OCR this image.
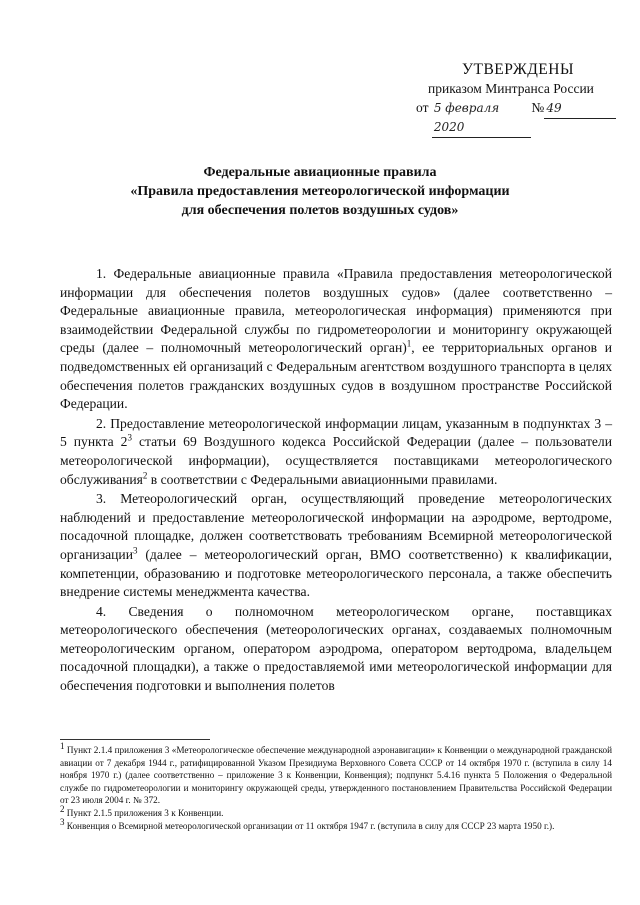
УТВЕРЖДЕНЫ
приказом Минтранса России
от
5 февраля 2020
№ 49
Федеральные авиационные правила
«Правила предоставления метеорологической информации
для обеспечения полетов воздушных судов»

1. Федеральные авиационные правила «Правила предоставления метеорологической информации для обеспечения полетов воздушных судов» (далее соответственно – Федеральные авиационные правила, метеорологическая информация) применяются при взаимодействии Федеральной службы по гидрометеорологии и мониторингу окружающей среды (далее – полномочный метеорологический орган)$^1$, ее территориальных органов и подведомственных ей организаций с Федеральным агентством воздушного транспорта в целях обеспечения полетов гражданских воздушных судов в воздушном пространстве Российской Федерации.

2. Предоставление метеорологической информации лицам, указанным в подпунктах 3 – 5 пункта $2^3$ статьи 69 Воздушного кодекса Российской Федерации (далее – пользователи метеорологической информации), осуществляется поставщиками метеорологического обслуживания$^2$ в соответствии с Федеральными авиационными правилами.

3. Метеорологический орган, осуществляющий проведение метеорологических наблюдений и предоставление метеорологической информации на аэродроме, вертодроме, посадочной площадке, должен соответствовать требованиям Всемирной метеорологической организации$^3$ (далее – метеорологический орган, ВМО соответственно) к квалификации, компетенции, образованию и подготовке метеорологического персонала, а также обеспечить внедрение системы менеджмента качества.

4. Сведения о полномочном метеорологическом органе, поставщиках метеорологического обеспечения (метеорологических органах, создаваемых полномочным метеорологическим органом, оператором аэродрома, оператором вертодрома, владельцем посадочной площадки), а также о предоставляемой ими метеорологической информации для обеспечения подготовки и выполнения полетов

$^1$ Пункт 2.1.4 приложения 3 «Метеорологическое обеспечение международной аэронавигации» к Конвенции о международной гражданской авиации от 7 декабря 1944 г., ратифицированной Указом Президиума Верховного Совета СССР от 14 октября 1970 г. (вступила в силу 14 ноября 1970 г.) (далее соответственно – приложение 3 к Конвенции, Конвенция); подпункт 5.4.16 пункта 5 Положения о Федеральной службе по гидрометеорологии и мониторингу окружающей среды, утвержденного постановлением Правительства Российской Федерации от 23 июля 2004 г. № 372.

$^2$ Пункт 2.1.5 приложения 3 к Конвенции.

$^3$ Конвенция о Всемирной метеорологической организации от 11 октября 1947 г. (вступила в силу для СССР 23 марта 1950 г.).
